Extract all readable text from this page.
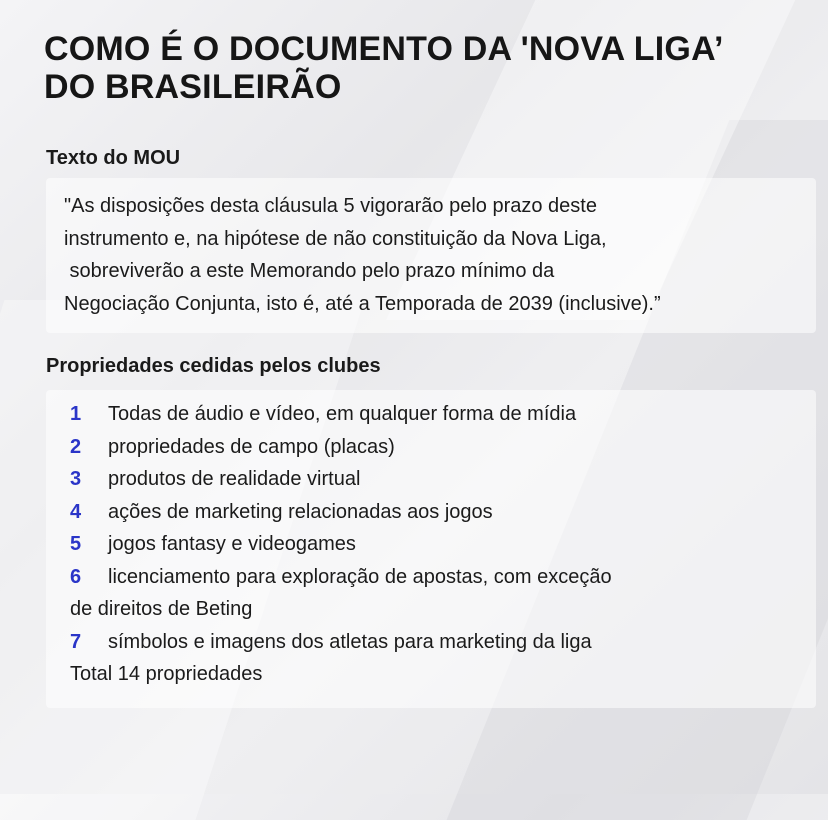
COMO É O DOCUMENTO DA 'NOVA LIGA’
DO BRASILEIRÃO
Texto do MOU
"As disposições desta cláusula 5 vigorarão pelo prazo deste
instrumento e, na hipótese de não constituição da Nova Liga,
sobreviverão a este Memorando pelo prazo mínimo da
Negociação Conjunta, isto é, até a Temporada de 2039 (inclusive).”
Propriedades cedidas pelos clubes
1 Todas de áudio e vídeo, em qualquer forma de mídia
2 propriedades de campo (placas)
3 produtos de realidade virtual
4 ações de marketing relacionadas aos jogos
5 jogos fantasy e videogames
6 licenciamento para exploração de apostas, com exceção
de direitos de Beting
7 símbolos e imagens dos atletas para marketing da liga
Total 14 propriedades
